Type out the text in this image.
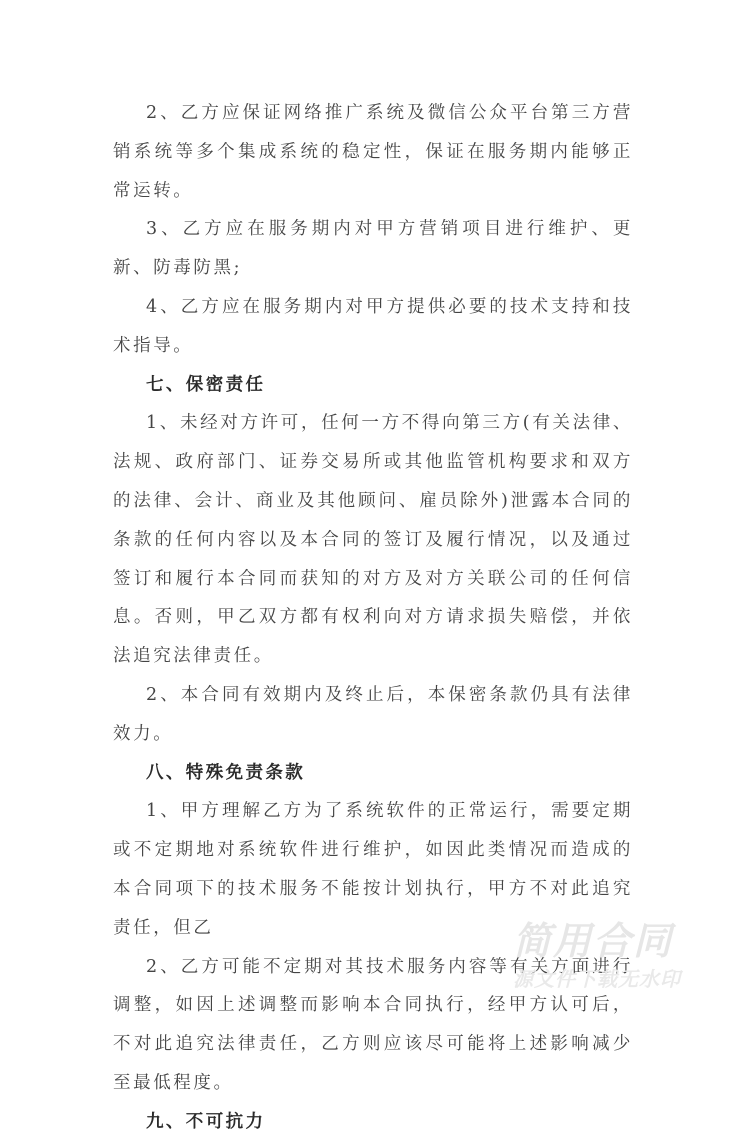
2、乙方应保证网络推广系统及微信公众平台第三方营销系统等多个集成系统的稳定性，保证在服务期内能够正常运转。

3、乙方应在服务期内对甲方营销项目进行维护、更新、防毒防黑;

4、乙方应在服务期内对甲方提供必要的技术支持和技术指导。

七、保密责任

1、未经对方许可，任何一方不得向第三方(有关法律、法规、政府部门、证券交易所或其他监管机构要求和双方的法律、会计、商业及其他顾问、雇员除外)泄露本合同的条款的任何内容以及本合同的签订及履行情况，以及通过签订和履行本合同而获知的对方及对方关联公司的任何信息。否则，甲乙双方都有权利向对方请求损失赔偿，并依法追究法律责任。

2、本合同有效期内及终止后，本保密条款仍具有法律效力。

八、特殊免责条款

1、甲方理解乙方为了系统软件的正常运行，需要定期或不定期地对系统软件进行维护，如因此类情况而造成的本合同项下的技术服务不能按计划执行，甲方不对此追究责任，但乙

2、乙方可能不定期对其技术服务内容等有关方面进行调整，如因上述调整而影响本合同执行，经甲方认可后，不对此追究法律责任，乙方则应该尽可能将上述影响减少至最低程度。

九、不可抗力
简用合同
源文件下载无水印
